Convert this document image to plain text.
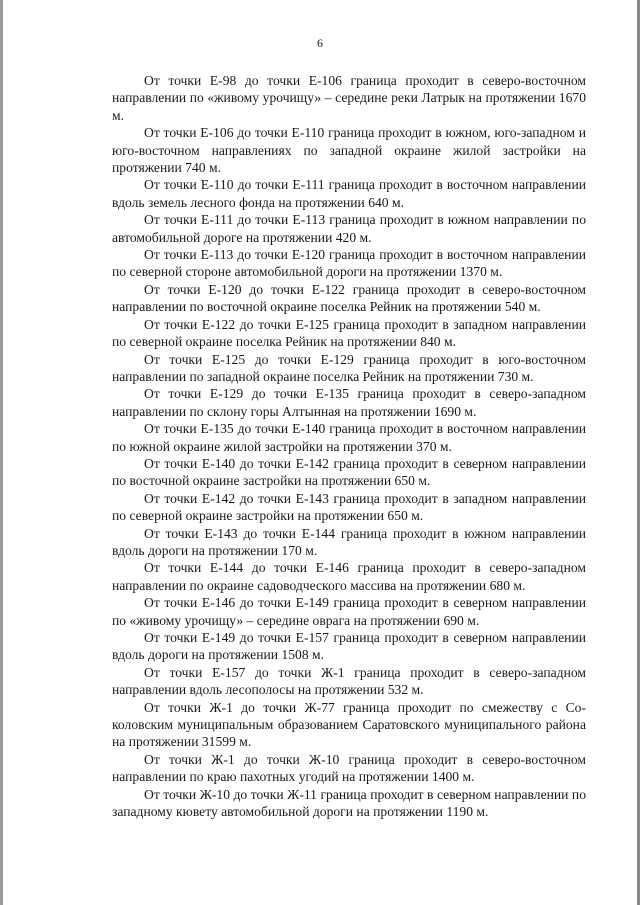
6

От точки Е-98 до точки Е-106 граница проходит в северо-восточном направлении по «живому урочищу» – середине реки Латрык на протяжении 1670 м.

От точки Е-106 до точки Е-110 граница проходит в южном, юго-западном и юго-восточном направлениях по западной окраине жилой застройки на протяжении 740 м.

От точки Е-110 до точки Е-111 граница проходит в восточном направлении вдоль земель лесного фонда на протяжении 640 м.

От точки Е-111 до точки Е-113 граница проходит в южном направлении по автомобильной дороге на протяжении 420 м.

От точки Е-113 до точки Е-120 граница проходит в восточном направлении по северной стороне автомобильной дороги на протяжении 1370 м.

От точки Е-120 до точки Е-122 граница проходит в северо-восточном направлении по восточной окраине поселка Рейник на протяжении 540 м.

От точки Е-122 до точки Е-125 граница проходит в западном направлении по северной окраине поселка Рейник на протяжении 840 м.

От точки Е-125 до точки Е-129 граница проходит в юго-восточном направлении по западной окраине поселка Рейник на протяжении 730 м.

От точки Е-129 до точки Е-135 граница проходит в северо-западном направлении по склону горы Алтынная на протяжении 1690 м.

От точки Е-135 до точки Е-140 граница проходит в восточном направлении по южной окраине жилой застройки на протяжении 370 м.

От точки Е-140 до точки Е-142 граница проходит в северном направлении по восточной окраине застройки на протяжении 650 м.

От точки Е-142 до точки Е-143 граница проходит в западном направлении по северной окраине застройки на протяжении 650 м.

От точки Е-143 до точки Е-144 граница проходит в южном направлении вдоль дороги на протяжении 170 м.

От точки Е-144 до точки Е-146 граница проходит в северо-западном направлении по окраине садоводческого массива на протяжении 680 м.

От точки Е-146 до точки Е-149 граница проходит в северном направлении по «живому урочищу» – середине оврага на протяжении 690 м.

От точки Е-149 до точки Е-157 граница проходит в северном направлении вдоль дороги на протяжении 1508 м.

От точки Е-157 до точки Ж-1 граница проходит в северо-западном направлении вдоль лесополосы на протяжении 532 м.

От точки Ж-1 до точки Ж-77 граница проходит по смежеству с Соколовским муниципальным образованием Саратовского муниципального района на протяжении 31599 м.

От точки Ж-1 до точки Ж-10 граница проходит в северо-восточном направлении по краю пахотных угодий на протяжении 1400 м.

От точки Ж-10 до точки Ж-11 граница проходит в северном направлении по западному кювету автомобильной дороги на протяжении 1190 м.
